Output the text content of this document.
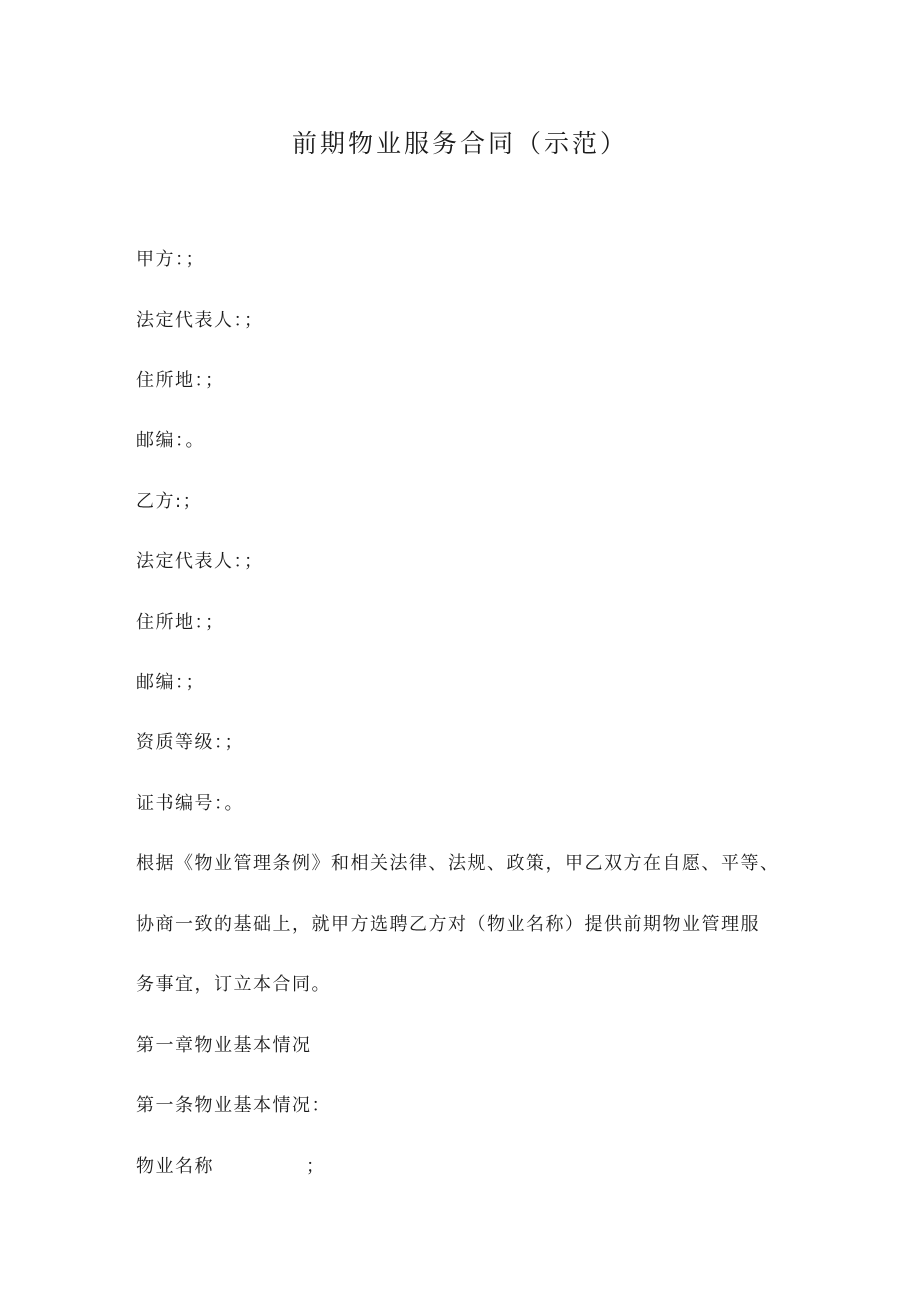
前期物业服务合同（示范）

甲方：；

法定代表人：；

住所地：；

邮编：。

乙方:；

法定代表人：；

住所地：；

邮编：；

资质等级：；

证书编号：。

根据《物业管理条例》和相关法律、法规、政策，甲乙双方在自愿、平等、

协商一致的基础上，就甲方选聘乙方对（物业名称）提供前期物业管理服

务事宜，订立本合同。

第一章物业基本情况

第一条物业基本情况：

物业名称	；
